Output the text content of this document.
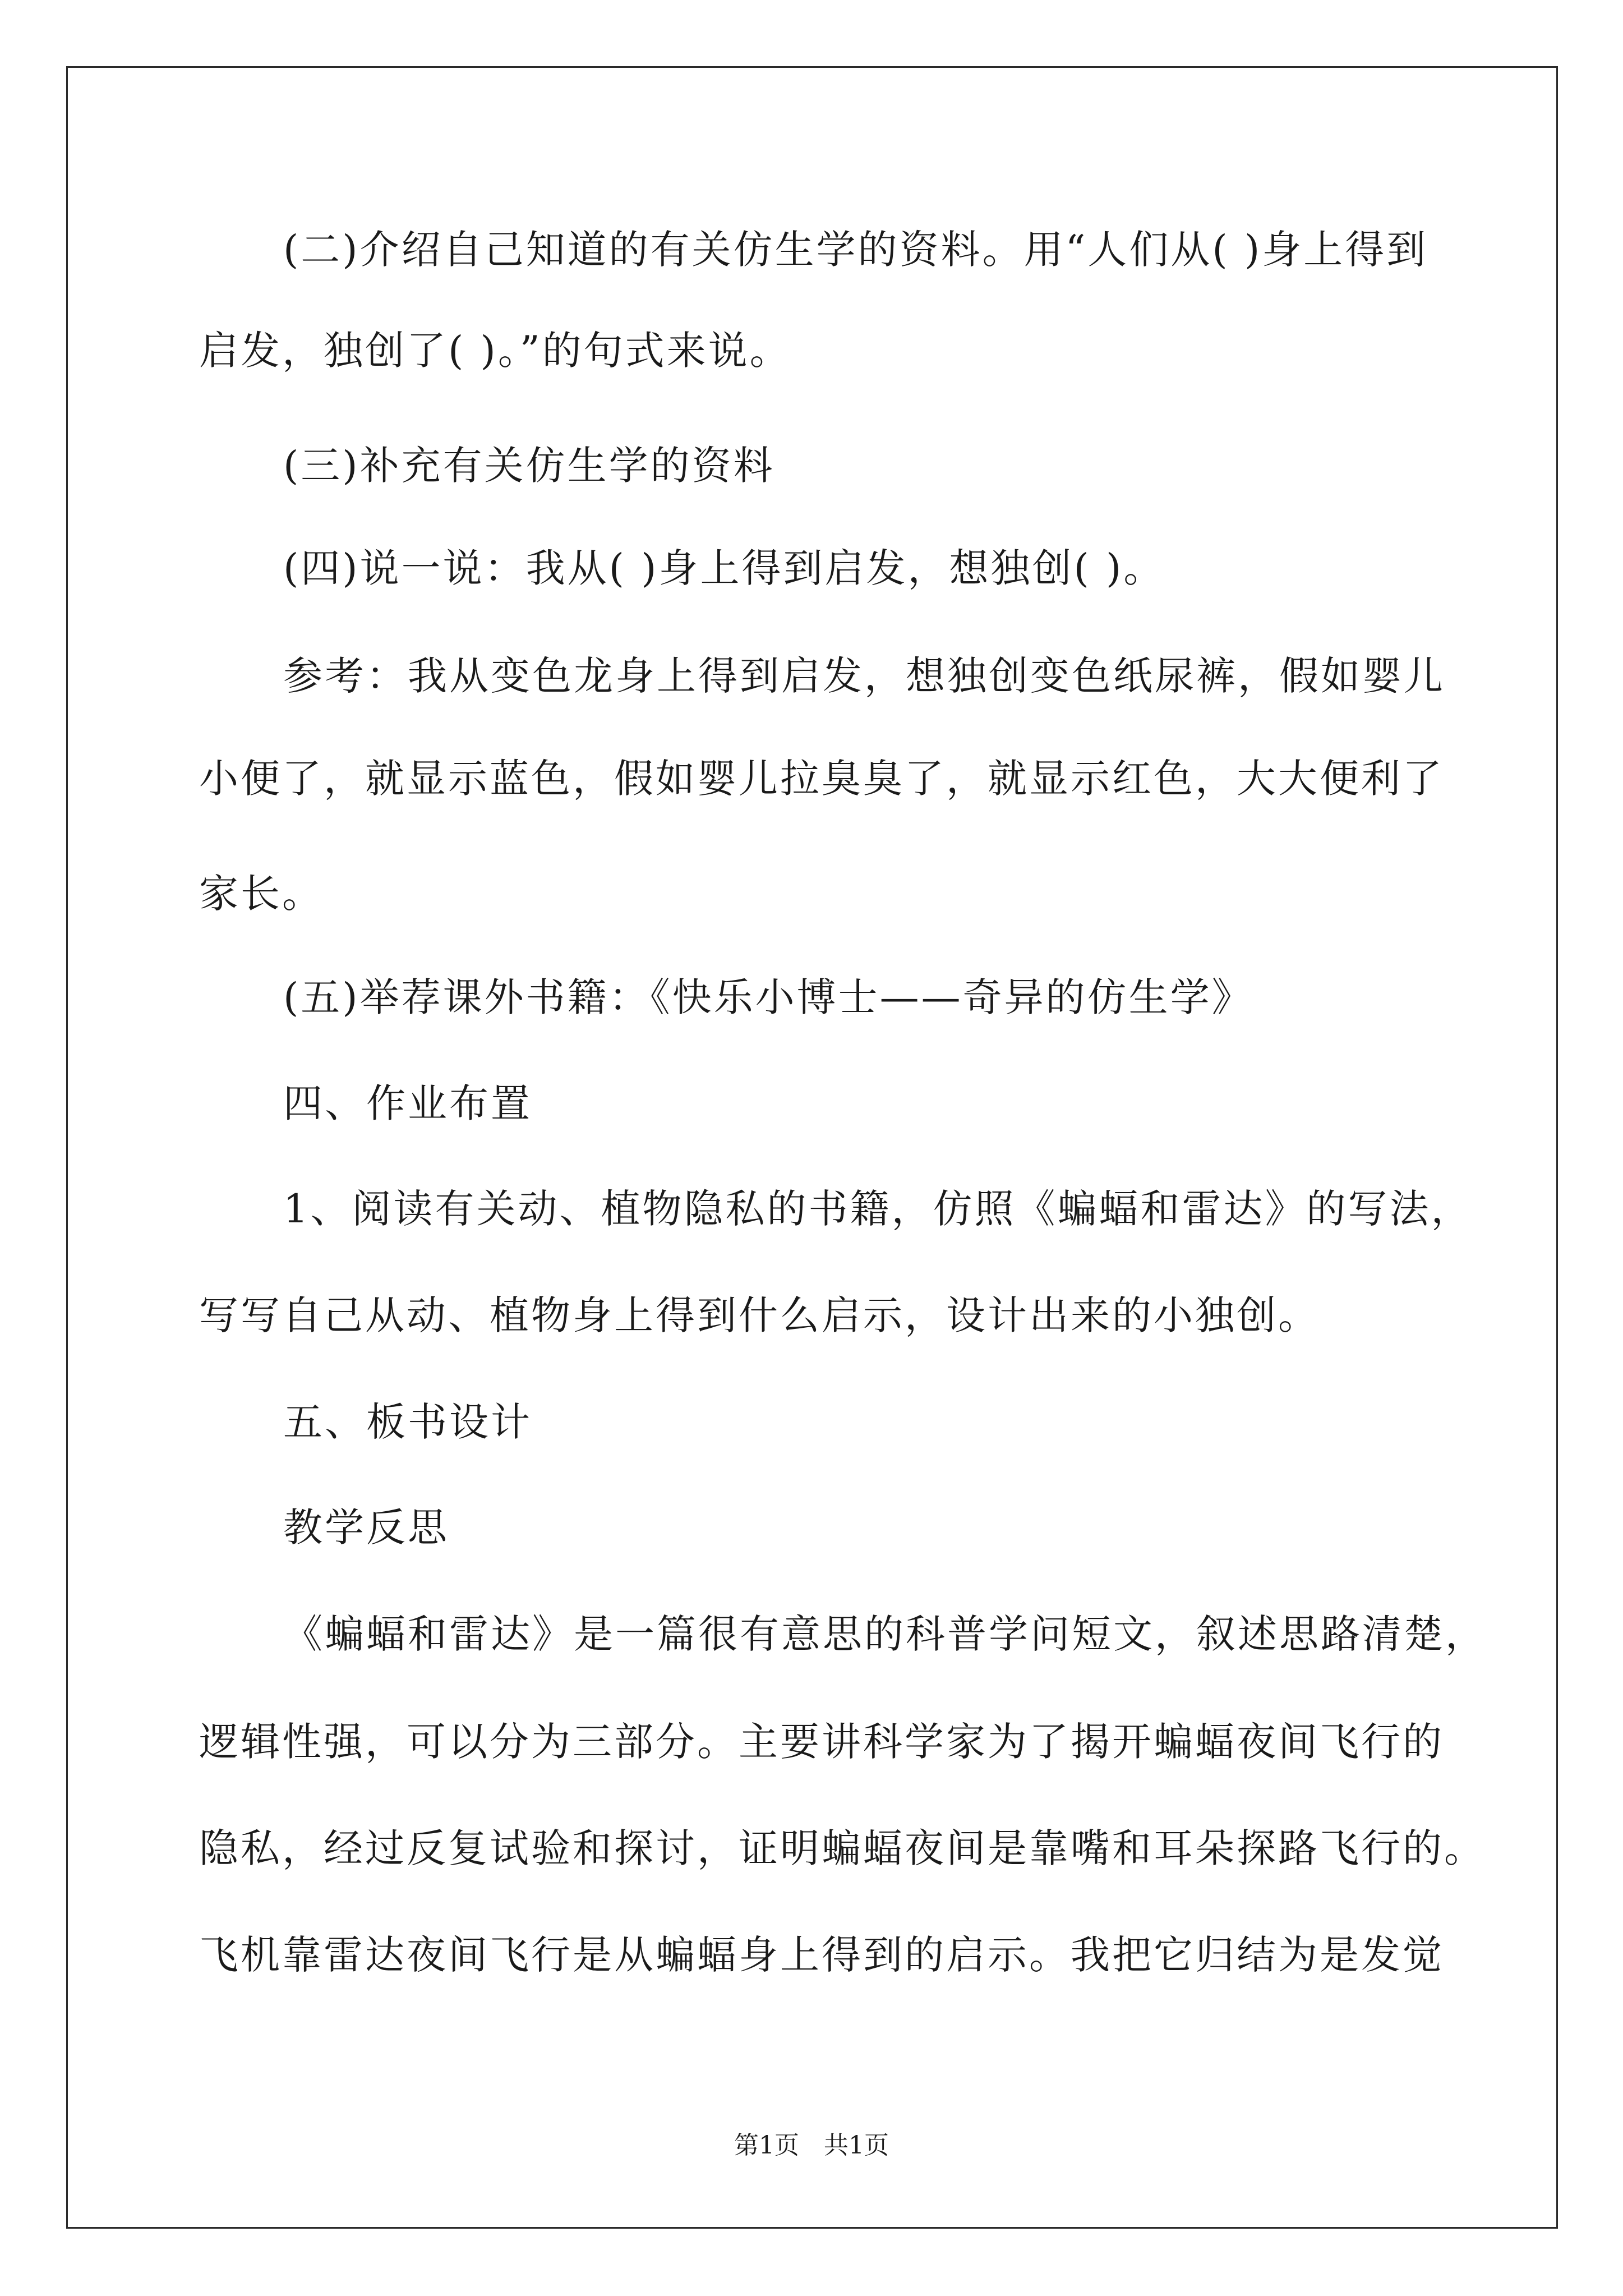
(二)介绍自己知道的有关仿生学的资料。用“人们从( )身上得到
启发，独创了( )。”的句式来说。
(三)补充有关仿生学的资料
(四)说一说：我从( )身上得到启发，想独创( )。
参考：我从变色龙身上得到启发，想独创变色纸尿裤，假如婴儿
小便了，就显示蓝色，假如婴儿拉臭臭了，就显示红色，大大便利了
家长。
(五)举荐课外书籍：《快乐小博士——奇异的仿生学》
四、作业布置
1、阅读有关动、植物隐私的书籍，仿照《蝙蝠和雷达》的写法，
写写自己从动、植物身上得到什么启示，设计出来的小独创。
五、板书设计
教学反思
《蝙蝠和雷达》是一篇很有意思的科普学问短文，叙述思路清楚，
逻辑性强，可以分为三部分。主要讲科学家为了揭开蝙蝠夜间飞行的
隐私，经过反复试验和探讨，证明蝙蝠夜间是靠嘴和耳朵探路飞行的。
飞机靠雷达夜间飞行是从蝙蝠身上得到的启示。我把它归结为是发觉
第1页　共1页
